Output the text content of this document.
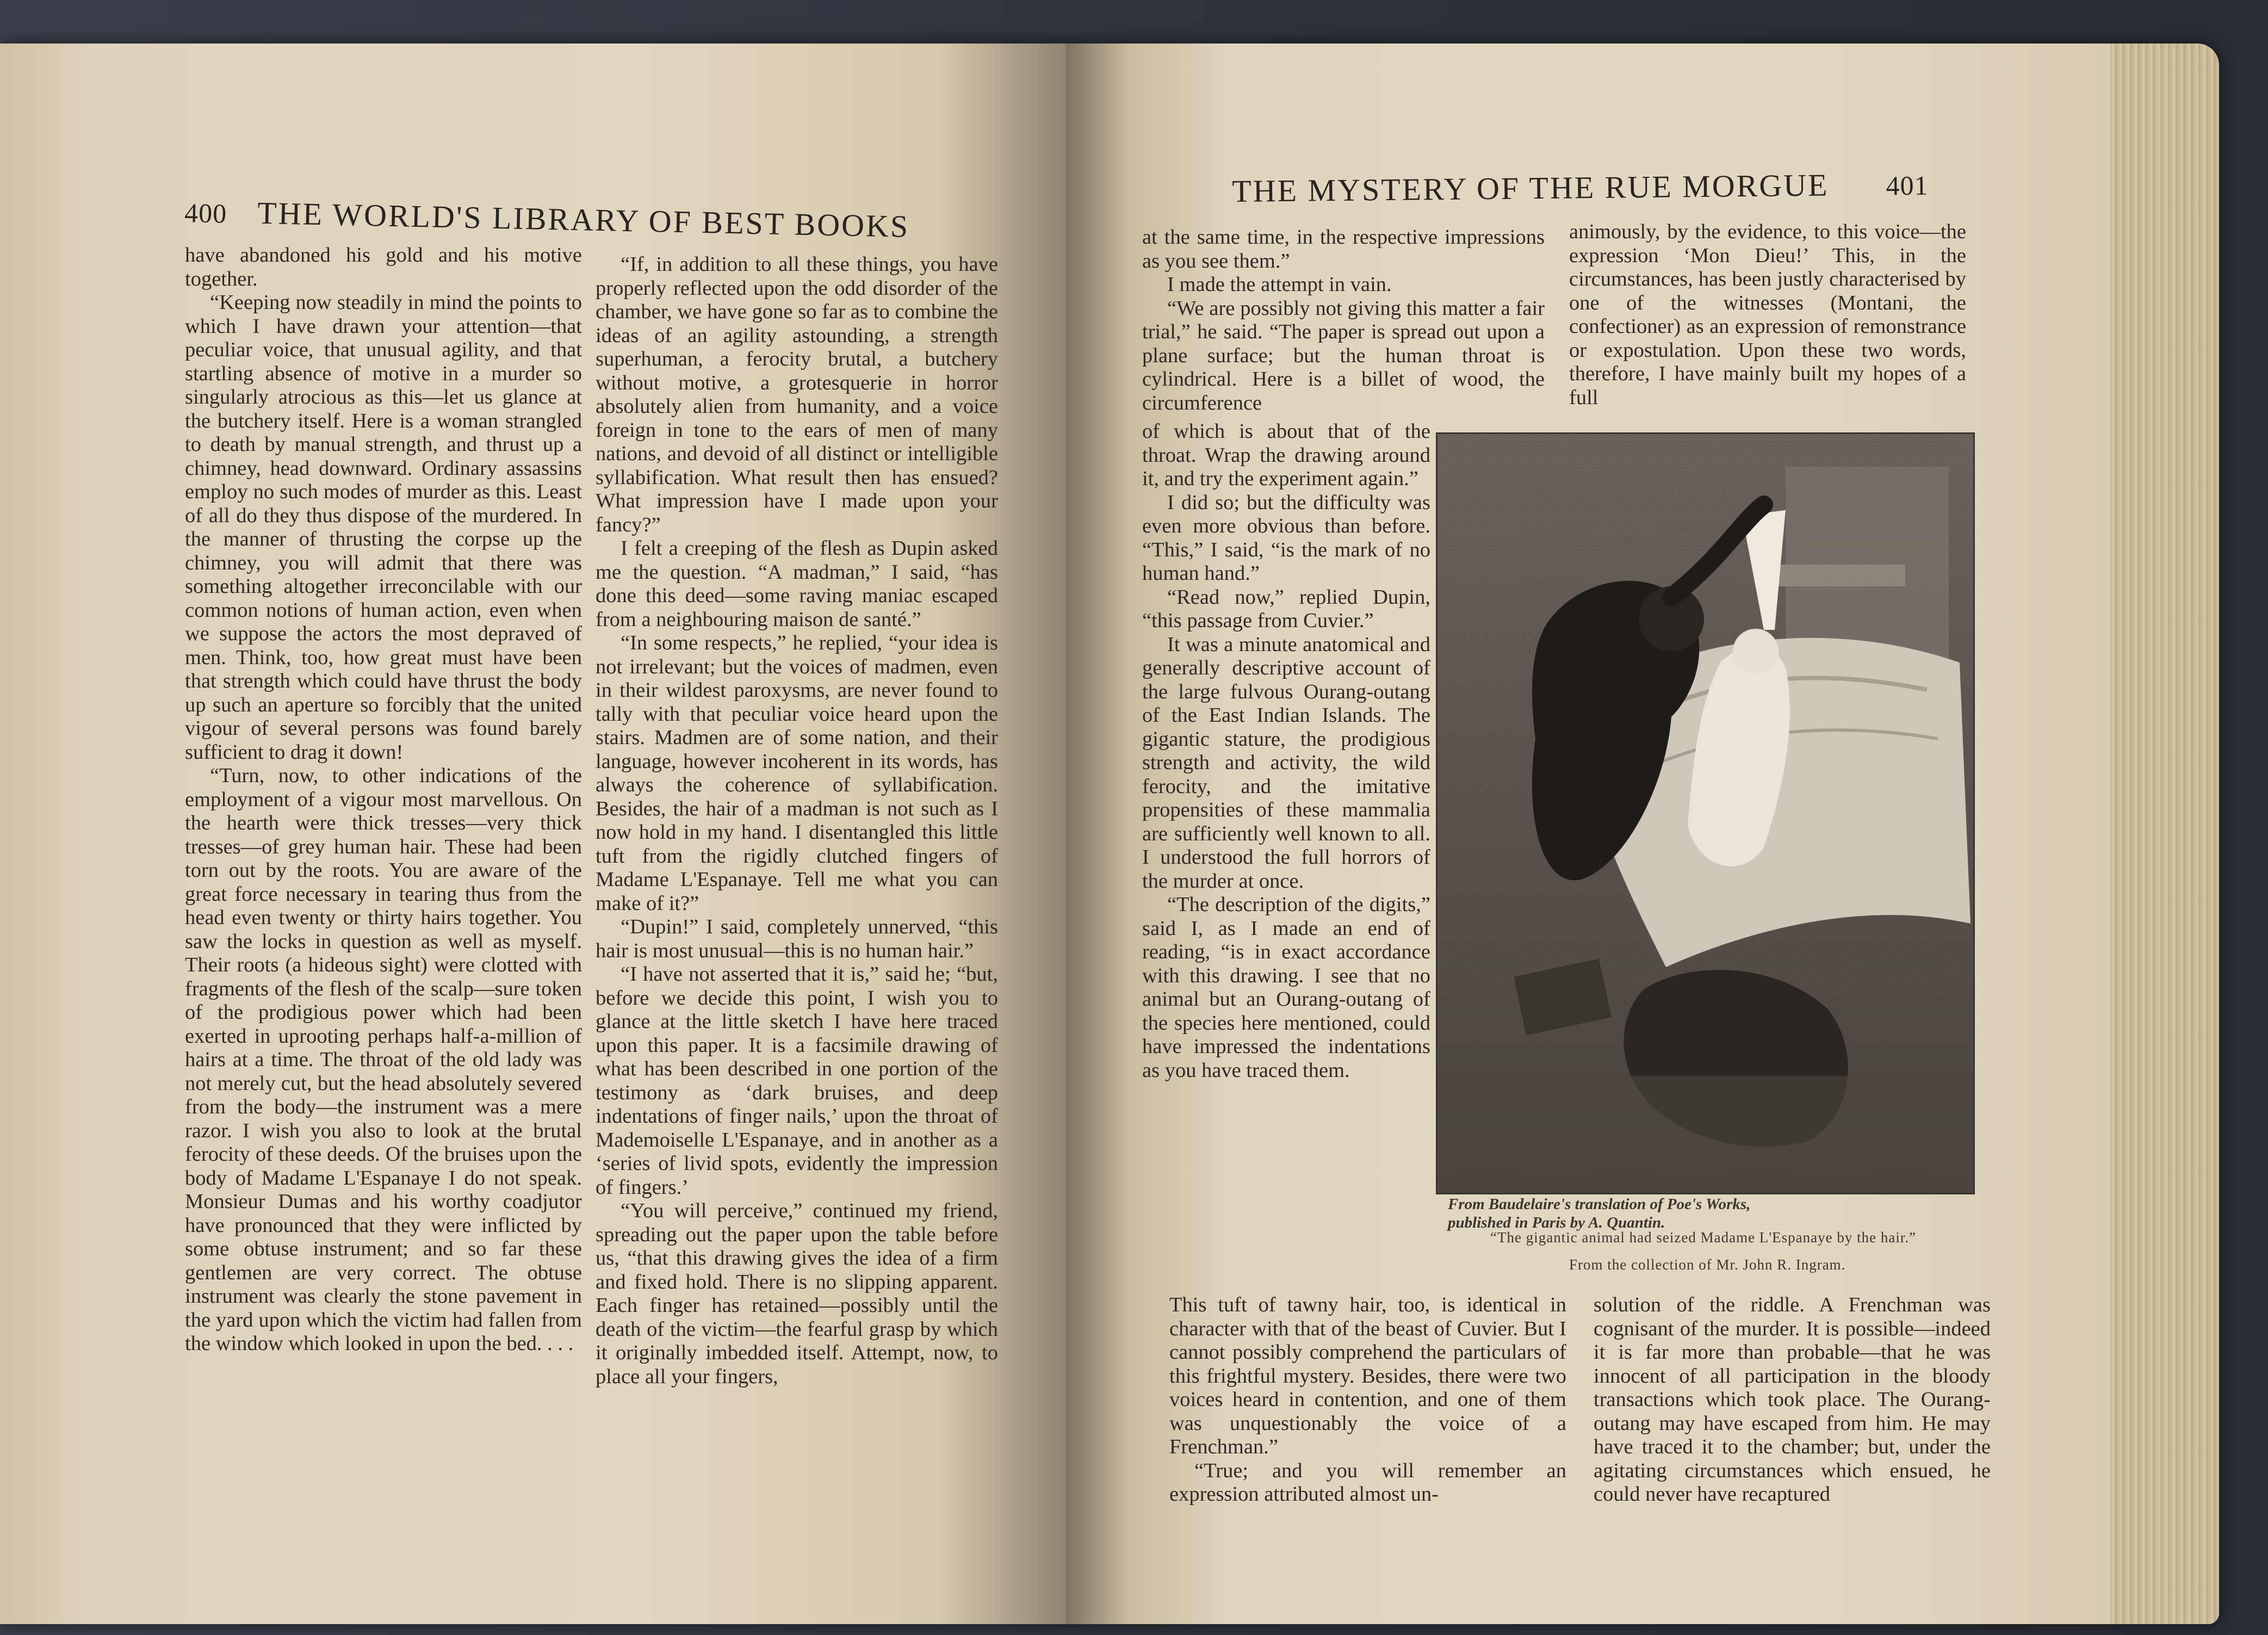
400 THE WORLD'S LIBRARY OF BEST BOOKS
THE MYSTERY OF THE RUE MORGUE 401

have abandoned his gold and his motive together.

“Keeping now steadily in mind the points to which I have drawn your attention—that peculiar voice, that unusual agility, and that startling absence of motive in a murder so singularly atrocious as this—let us glance at the butchery itself. Here is a woman strangled to death by manual strength, and thrust up a chimney, head downward. Ordinary assassins employ no such modes of murder as this. Least of all do they thus dispose of the murdered. In the manner of thrusting the corpse up the chimney, you will admit that there was something altogether irreconcilable with our common notions of human action, even when we suppose the actors the most depraved of men. Think, too, how great must have been that strength which could have thrust the body up such an aperture so forcibly that the united vigour of several persons was found barely sufficient to drag it down!

“Turn, now, to other indications of the employment of a vigour most marvellous. On the hearth were thick tresses—very thick tresses—of grey human hair. These had been torn out by the roots. You are aware of the great force necessary in tearing thus from the head even twenty or thirty hairs together. You saw the locks in question as well as myself. Their roots (a hideous sight) were clotted with fragments of the flesh of the scalp—sure token of the prodigious power which had been exerted in uprooting perhaps half-a-million of hairs at a time. The throat of the old lady was not merely cut, but the head absolutely severed from the body—the instrument was a mere razor. I wish you also to look at the brutal ferocity of these deeds. Of the bruises upon the body of Madame L'Espanaye I do not speak. Monsieur Dumas and his worthy coadjutor have pronounced that they were inflicted by some obtuse instrument; and so far these gentlemen are very correct. The obtuse instrument was clearly the stone pavement in the yard upon which the victim had fallen from the window which looked in upon the bed. . . .

“If, in addition to all these things, you have properly reflected upon the odd disorder of the chamber, we have gone so far as to combine the ideas of an agility astounding, a strength superhuman, a ferocity brutal, a butchery without motive, a grotesquerie in horror absolutely alien from humanity, and a voice foreign in tone to the ears of men of many nations, and devoid of all distinct or intelligible syllabification. What result then has ensued? What impression have I made upon your fancy?”

I felt a creeping of the flesh as Dupin asked me the question. “A madman,” I said, “has done this deed—some raving maniac escaped from a neighbouring maison de santé.”

“In some respects,” he replied, “your idea is not irrelevant; but the voices of madmen, even in their wildest paroxysms, are never found to tally with that peculiar voice heard upon the stairs. Madmen are of some nation, and their language, however incoherent in its words, has always the coherence of syllabification. Besides, the hair of a madman is not such as I now hold in my hand. I disentangled this little tuft from the rigidly clutched fingers of Madame L'Espanaye. Tell me what you can make of it?”

“Dupin!” I said, completely unnerved, “this hair is most unusual—this is no human hair.”

“I have not asserted that it is,” said he; “but, before we decide this point, I wish you to glance at the little sketch I have here traced upon this paper. It is a facsimile drawing of what has been described in one portion of the testimony as ‘dark bruises, and deep indentations of finger nails,’ upon the throat of Mademoiselle L'Espanaye, and in another as a ‘series of livid spots, evidently the impression of fingers.’

“You will perceive,” continued my friend, spreading out the paper upon the table before us, “that this drawing gives the idea of a firm and fixed hold. There is no slipping apparent. Each finger has retained—possibly until the death of the victim—the fearful grasp by which it originally imbedded itself. Attempt, now, to place all your fingers,

at the same time, in the respective impressions as you see them.”

I made the attempt in vain.

“We are possibly not giving this matter a fair trial,” he said. “The paper is spread out upon a plane surface; but the human throat is cylindrical. Here is a billet of wood, the circumference

of which is about that of the throat. Wrap the drawing around it, and try the experiment again.”

I did so; but the difficulty was even more obvious than before. “This,” I said, “is the mark of no human hand.”

“Read now,” replied Dupin, “this passage from Cuvier.”

It was a minute anatomical and generally descriptive account of the large fulvous Ourang-outang of the East Indian Islands. The gigantic stature, the prodigious strength and activity, the wild ferocity, and the imitative propensities of these mammalia are sufficiently well known to all. I understood the full horrors of the murder at once.

“The description of the digits,” said I, as I made an end of reading, “is in exact accordance with this drawing. I see that no animal but an Ourang-outang of the species here mentioned, could have impressed the indentations as you have traced them.

animously, by the evidence, to this voice—the expression ‘Mon Dieu!’ This, in the circumstances, has been justly characterised by one of the witnesses (Montani, the confectioner) as an expression of remonstrance or expostulation. Upon these two words, therefore, I have mainly built my hopes of a full

This tuft of tawny hair, too, is identical in character with that of the beast of Cuvier. But I cannot possibly comprehend the particulars of this frightful mystery. Besides, there were two voices heard in contention, and one of them was unquestionably the voice of a Frenchman.”

“True; and you will remember an expression attributed almost un-

solution of the riddle. A Frenchman was cognisant of the murder. It is possible—indeed it is far more than probable—that he was innocent of all participation in the bloody transactions which took place. The Ourang-outang may have escaped from him. He may have traced it to the chamber; but, under the agitating circumstances which ensued, he could never have recaptured

From Baudelaire's translation of Poe's Works,
published in Paris by A. Quantin.
“The gigantic animal had seized Madame L'Espanaye by the hair.”
From the collection of Mr. John R. Ingram.
